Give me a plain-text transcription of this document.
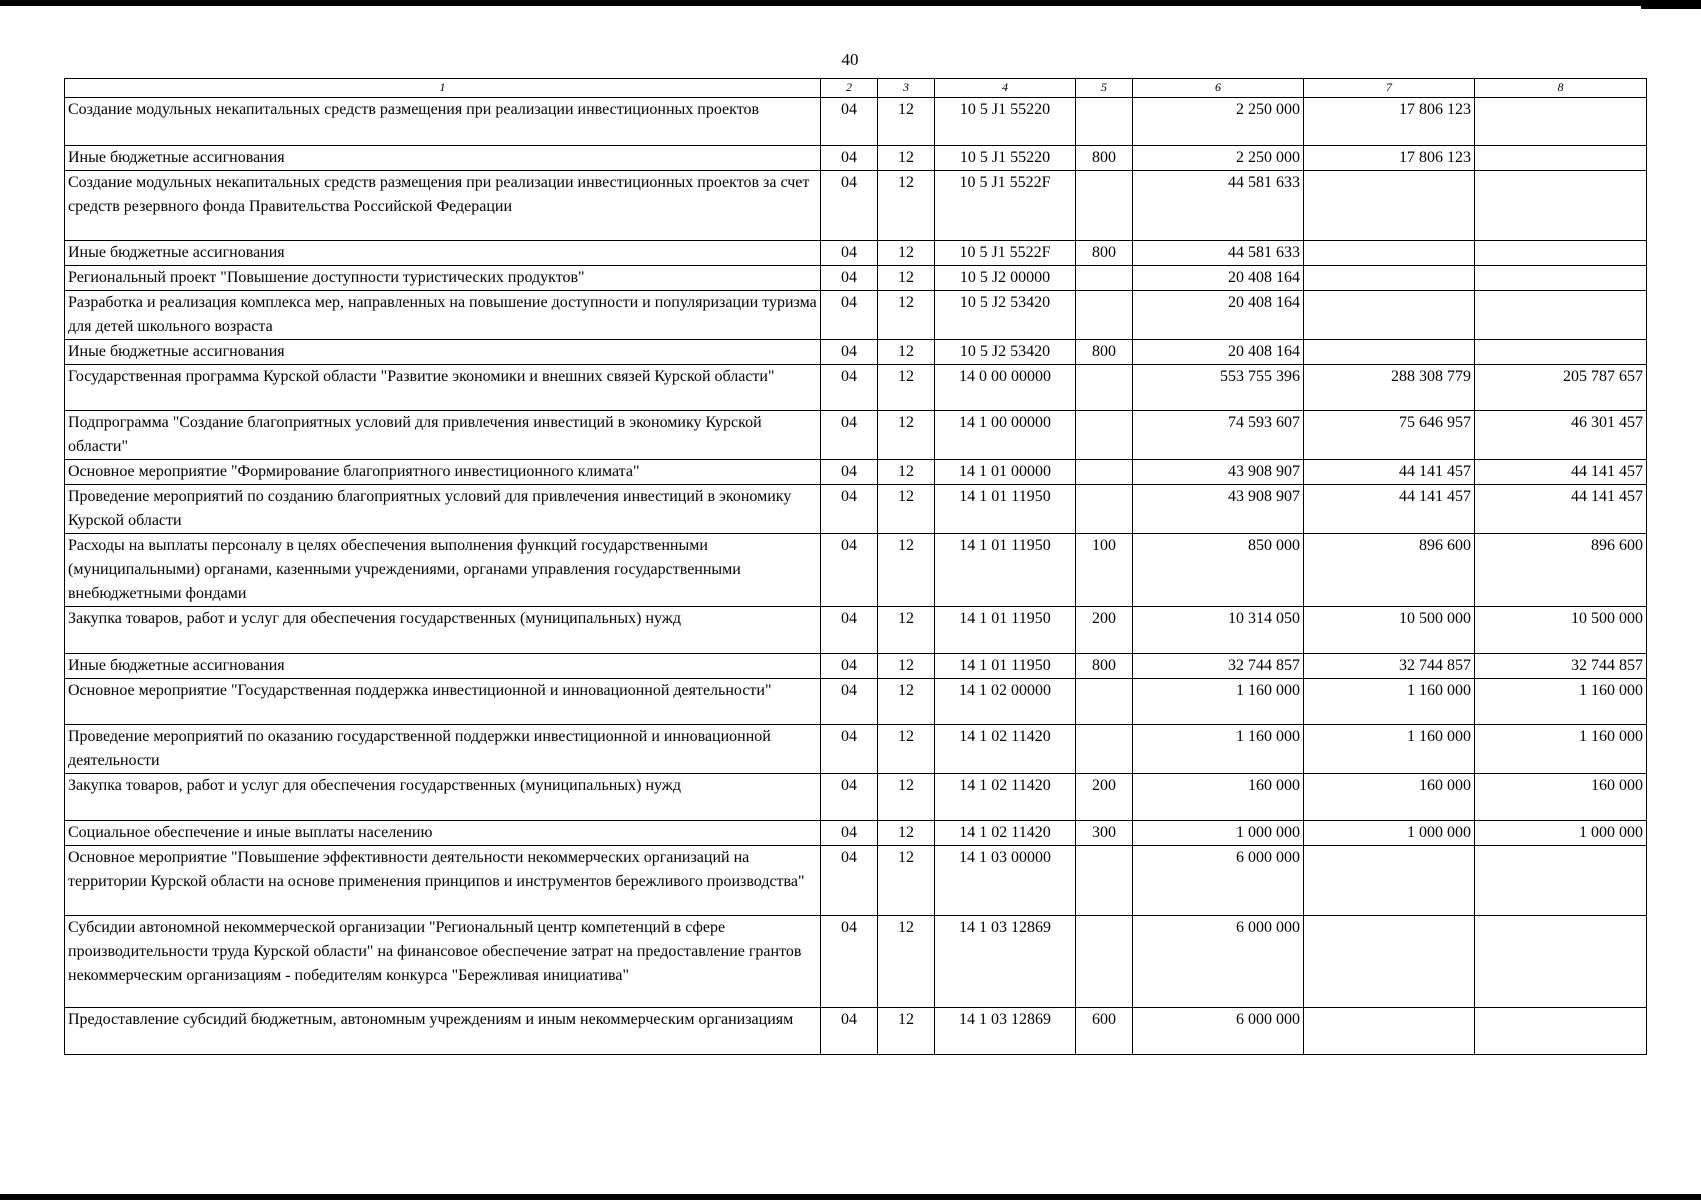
40
1	2	3	4	5	6	7	8
Создание модульных некапитальных средств размещения при реализации инвестиционных проектов	04	12	10 5 J1 55220		2 250 000	17 806 123	
Иные бюджетные ассигнования	04	12	10 5 J1 55220	800	2 250 000	17 806 123	
Создание модульных некапитальных средств размещения при реализации инвестиционных проектов за счет средств резервного фонда Правительства Российской Федерации	04	12	10 5 J1 5522F		44 581 633		
Иные бюджетные ассигнования	04	12	10 5 J1 5522F	800	44 581 633		
Региональный проект "Повышение доступности туристических продуктов"	04	12	10 5 J2 00000		20 408 164		
Разработка и реализация комплекса мер, направленных на повышение доступности и популяризации туризма для детей школьного возраста	04	12	10 5 J2 53420		20 408 164		
Иные бюджетные ассигнования	04	12	10 5 J2 53420	800	20 408 164		
Государственная программа Курской области "Развитие экономики и внешних связей Курской области"	04	12	14 0 00 00000		553 755 396	288 308 779	205 787 657
Подпрограмма "Создание благоприятных условий для привлечения инвестиций в экономику Курской области"	04	12	14 1 00 00000		74 593 607	75 646 957	46 301 457
Основное мероприятие "Формирование благоприятного инвестиционного климата"	04	12	14 1 01 00000		43 908 907	44 141 457	44 141 457
Проведение мероприятий по созданию благоприятных условий для привлечения инвестиций в экономику Курской области	04	12	14 1 01 11950		43 908 907	44 141 457	44 141 457
Расходы на выплаты персоналу в целях обеспечения выполнения функций государственными (муниципальными) органами, казенными учреждениями, органами управления государственными внебюджетными фондами	04	12	14 1 01 11950	100	850 000	896 600	896 600
Закупка товаров, работ и услуг для обеспечения государственных (муниципальных) нужд	04	12	14 1 01 11950	200	10 314 050	10 500 000	10 500 000
Иные бюджетные ассигнования	04	12	14 1 01 11950	800	32 744 857	32 744 857	32 744 857
Основное мероприятие "Государственная поддержка инвестиционной и инновационной деятельности"	04	12	14 1 02 00000		1 160 000	1 160 000	1 160 000
Проведение мероприятий по оказанию государственной поддержки инвестиционной и инновационной деятельности	04	12	14 1 02 11420		1 160 000	1 160 000	1 160 000
Закупка товаров, работ и услуг для обеспечения государственных (муниципальных) нужд	04	12	14 1 02 11420	200	160 000	160 000	160 000
Социальное обеспечение и иные выплаты населению	04	12	14 1 02 11420	300	1 000 000	1 000 000	1 000 000
Основное мероприятие "Повышение эффективности деятельности некоммерческих организаций на территории Курской области на основе применения принципов и инструментов бережливого производства"	04	12	14 1 03 00000		6 000 000		
Субсидии автономной некоммерческой организации "Региональный центр компетенций в сфере производительности труда Курской области" на финансовое обеспечение затрат на предоставление грантов некоммерческим организациям - победителям конкурса "Бережливая инициатива"	04	12	14 1 03 12869		6 000 000		
Предоставление субсидий бюджетным, автономным учреждениям и иным некоммерческим организациям	04	12	14 1 03 12869	600	6 000 000		
